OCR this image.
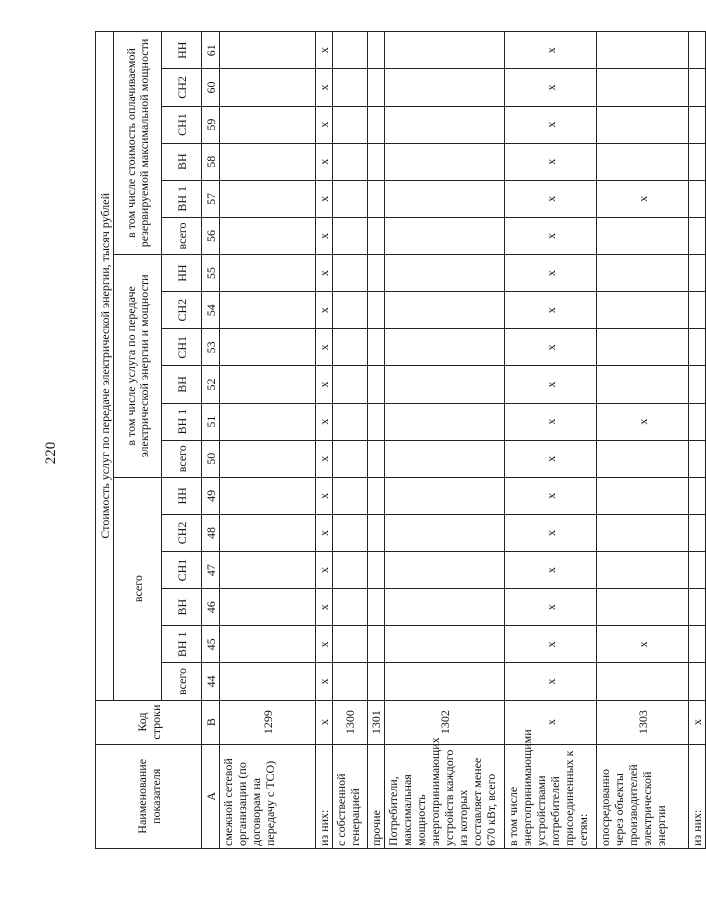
220
Наименование показателя	Код строки	Стоимость услуг по передаче электрической энергии, тысяч рублей																	
		всего						в том числе услуга по передаче электрической энергии и мощности						в том числе стоимость оплачиваемой резервируемой максимальной мощности					

		всего	ВН 1	ВН	СН1	СН2	НН	всего	ВН 1	ВН	СН1	СН2	НН	всего	ВН 1	ВН	СН1	СН2	НН
А	В	44	45	46	47	48	49	50	51	52	53	54	55	56	57	58	59	60	61
смежной сетевой организации (по договорам на передачу с ТСО)	1299																		
из них:	x	x	x	x	x	x	x	x	x	x	x	x	x	x	x	x	x	x	x
с собственной генерацией	1300																		
прочие	1301																		
Потребители, максимальная мощность энергопринимающих устройств каждого из которых составляет менее 670 кВт, всего	1302																		
в том числе энергопринимающими устройствами потребителей присоединенных к сетям:	x	x	x	x	x	x	x	x	x	x	x	x	x	x	x	x	x	x	x
опосредованно через объекты производителей электрической энергии	1303		x						x						x				
из них:	x																		
